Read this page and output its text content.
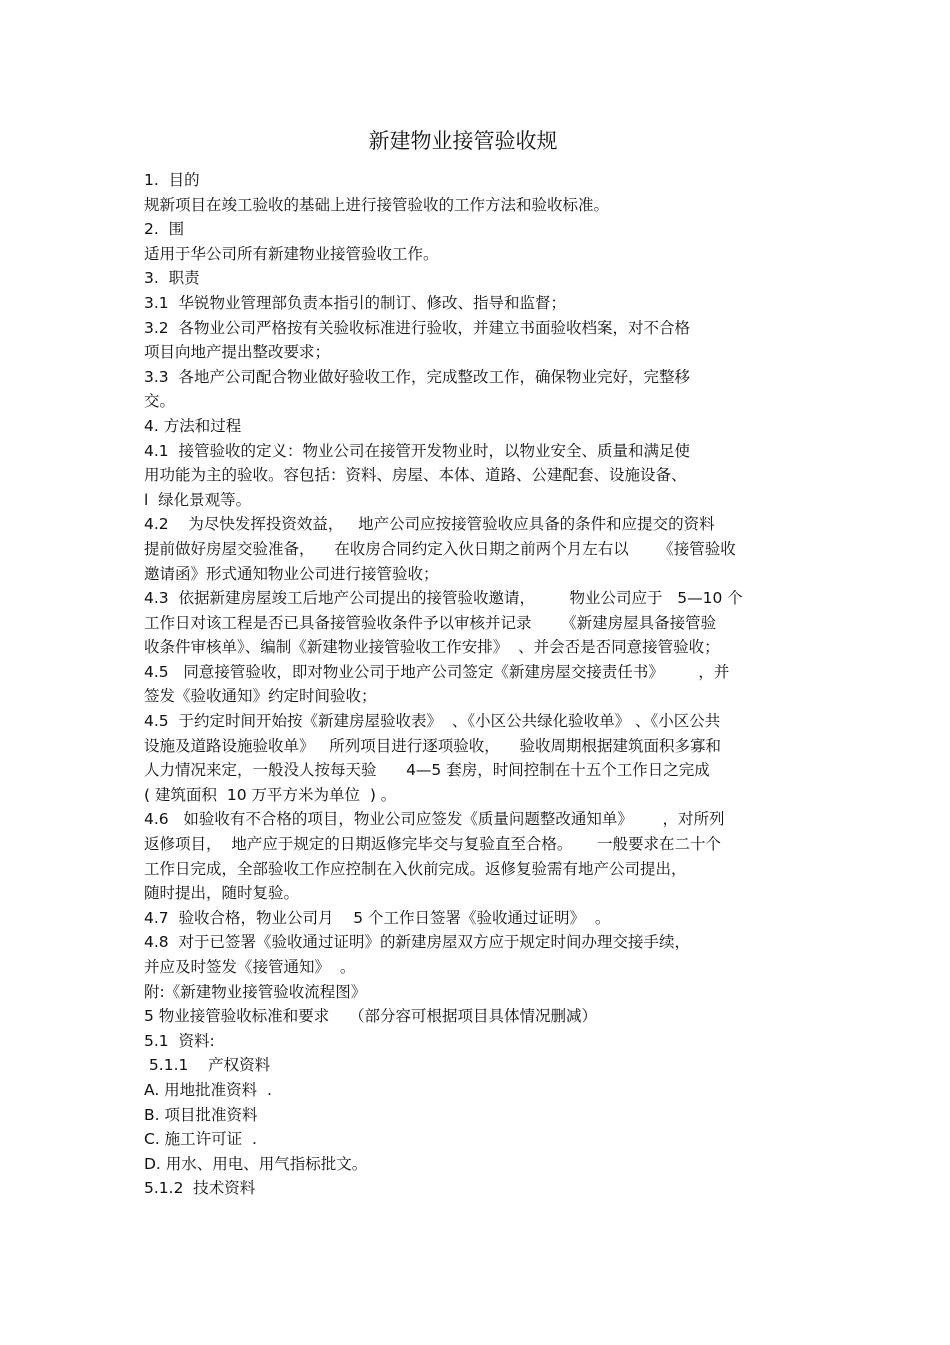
新建物业接管验收规
1.  目的
规新项目在竣工验收的基础上进行接管验收的工作方法和验收标准。
2.  围
适用于华公司所有新建物业接管验收工作。
3.  职责
3.1  华锐物业管理部负责本指引的制订、修改、指导和监督；
3.2  各物业公司严格按有关验收标准进行验收，并建立书面验收档案，对不合格
项目向地产提出整改要求；
3.3  各地产公司配合物业做好验收工作，完成整改工作，确保物业完好，完整移
交。
4. 方法和过程
4.1  接管验收的定义：物业公司在接管开发物业时，以物业安全、质量和满足使
用功能为主的验收。容包括：资料、房屋、本体、道路、公建配套、设施设备、
l  绿化景观等。
4.2    为尽快发挥投资效益，   地产公司应按接管验收应具备的条件和应提交的资料
提前做好房屋交验准备，    在收房合同约定入伙日期之前两个月左右以      《接管验收
邀请函》形式通知物业公司进行接管验收；
4.3  依据新建房屋竣工后地产公司提出的接管验收邀请，       物业公司应于   5—10 个
工作日对该工程是否已具备接管验收条件予以审核并记录      《新建房屋具备接管验
收条件审核单》、编制《新建物业接管验收工作安排》  、并会否是否同意接管验收；
4.5   同意接管验收，即对物业公司于地产公司签定《新建房屋交接责任书》       ，并
签发《验收通知》约定时间验收；
4.5  于约定时间开始按《新建房屋验收表》  、《小区公共绿化验收单》 、《小区公共
设施及道路设施验收单》   所列项目进行逐项验收，    验收周期根据建筑面积多寡和
人力情况来定，一般没人按每天验      4—5 套房，时间控制在十五个工作日之完成
( 建筑面积  10 万平方米为单位  ) 。
4.6   如验收有不合格的项目，物业公司应签发《质量问题整改通知单》      ，对所列
返修项目，  地产应于规定的日期返修完毕交与复验直至合格。     一般要求在二十个
工作日完成，全部验收工作应控制在入伙前完成。返修复验需有地产公司提出，
随时提出，随时复验。
4.7  验收合格，物业公司月    5 个工作日签署《验收通过证明》  。
4.8  对于已签署《验收通过证明》的新建房屋双方应于规定时间办理交接手续，
并应及时签发《接管通知》  。
附:《新建物业接管验收流程图》
5 物业接管验收标准和要求    （部分容可根据项目具体情况删减）
5.1  资料:
5.1.1    产权资料
A. 用地批准资料  .
B. 项目批准资料
C. 施工许可证  .
D. 用水、用电、用气指标批文。
5.1.2  技术资料
